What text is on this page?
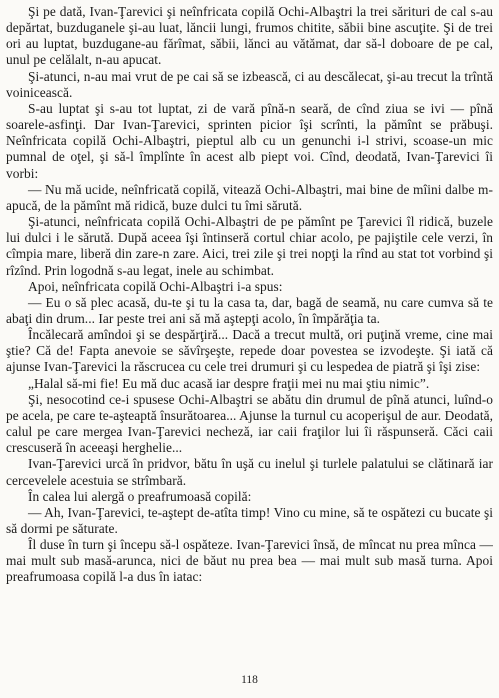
Şi pe dată, Ivan-Ţarevici şi neînfricata copilă Ochi-Albaştri la trei sărituri de cal s-au depărtat, buzduganele şi-au luat, lăncii lungi, frumos chitite, săbii bine ascuţite. Şi de trei ori au luptat, buzdugane-au fărîmat, săbii, lănci au vătămat, dar să-l doboare de pe cal, unul pe celălalt, n-au apucat.

Şi-atunci, n-au mai vrut de pe cai să se izbească, ci au descălecat, şi-au trecut la trîntă voinicească.

S-au luptat şi s-au tot luptat, zi de vară pînă-n seară, de cînd ziua se ivi — pînă soarele-asfinţi. Dar Ivan-Ţarevici, sprinten picior îşi scrînti, la pămînt se prăbuşi. Neînfricata copilă Ochi-Albaştri, pieptul alb cu un genunchi i-l strivi, scoase-un mic pumnal de oţel, şi să-l împlînte în acest alb piept voi. Cînd, deodată, Ivan-Ţarevici îi vorbi:

— Nu mă ucide, neînfricată copilă, vitează Ochi-Albaştri, mai bine de mîini dalbe m-apucă, de la pămînt mă ridică, buze dulci tu îmi sărută.

Şi-atunci, neînfricata copilă Ochi-Albaştri de pe pămînt pe Ţarevici îl ridică, buzele lui dulci i le sărută. După aceea îşi întinseră cortul chiar acolo, pe pajiştile cele verzi, în cîmpia mare, liberă din zare-n zare. Aici, trei zile şi trei nopţi la rînd au stat tot vorbind şi rîzînd. Prin logodnă s-au legat, inele au schimbat.

Apoi, neînfricata copilă Ochi-Albaştri i-a spus:

— Eu o să plec acasă, du-te şi tu la casa ta, dar, bagă de seamă, nu care cumva să te abaţi din drum... Iar peste trei ani să mă aştepţi acolo, în împărăţia ta.

Încălecară amîndoi şi se despărţiră... Dacă a trecut multă, ori puţină vreme, cine mai ştie? Că de! Fapta anevoie se săvîrşeşte, repede doar povestea se izvodeşte. Şi iată că ajunse Ivan-Ţarevici la răscrucea cu cele trei drumuri şi cu lespedea de piatră şi îşi zise:

„Halal să-mi fie! Eu mă duc acasă iar despre fraţii mei nu mai ştiu nimic”.

Şi, nesocotind ce-i spusese Ochi-Albaştri se abătu din drumul de pînă atunci, luînd-o pe acela, pe care te-aşteaptă însurătoarea... Ajunse la turnul cu acoperişul de aur. Deodată, calul pe care mergea Ivan-Ţarevici necheză, iar caii fraţilor lui îi răspunseră. Căci caii crescuseră în aceeaşi herghelie...

Ivan-Ţarevici urcă în pridvor, bătu în uşă cu inelul şi turlele palatului se clătinară iar cercevelele acestuia se strîmbară.

În calea lui alergă o preafrumoasă copilă:

— Ah, Ivan-Ţarevici, te-aştept de-atîta timp! Vino cu mine, să te ospătezi cu bucate şi să dormi pe săturate.

Îl duse în turn şi începu să-l ospăteze. Ivan-Ţarevici însă, de mîncat nu prea mînca — mai mult sub masă-arunca, nici de băut nu prea bea — mai mult sub masă turna. Apoi preafrumoasa copilă l-a dus în iatac:

118
